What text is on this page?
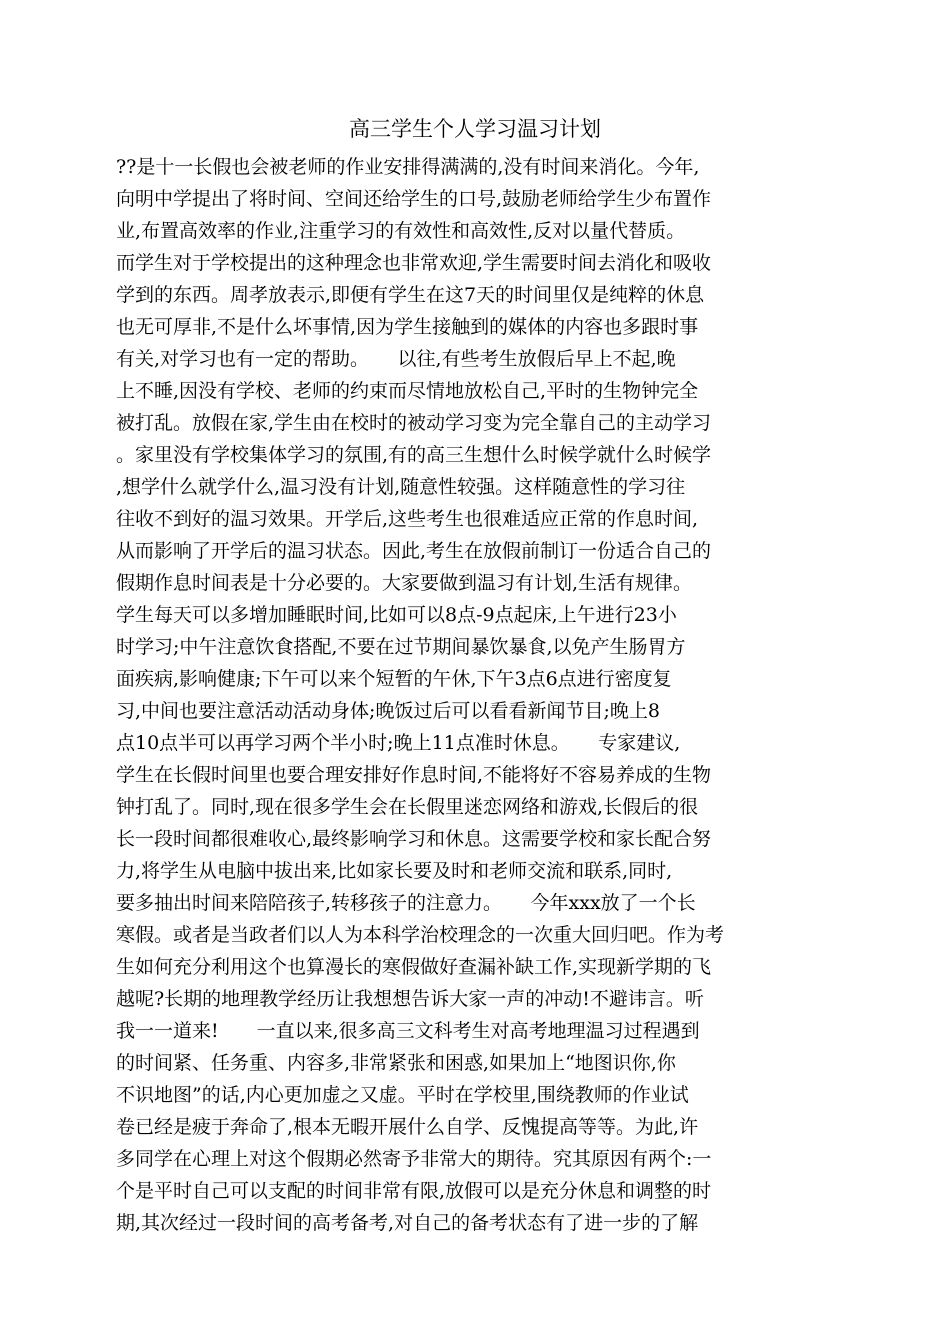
高三学生个人学习温习计划
??是十一长假也会被老师的作业安排得满满的,没有时间来消化。今年,
向明中学提出了将时间、空间还给学生的口号,鼓励老师给学生少布置作
业,布置高效率的作业,注重学习的有效性和高效性,反对以量代替质。
而学生对于学校提出的这种理念也非常欢迎,学生需要时间去消化和吸收
学到的东西。周孝放表示,即便有学生在这7天的时间里仅是纯粹的休息
也无可厚非,不是什么坏事情,因为学生接触到的媒体的内容也多跟时事
有关,对学习也有一定的帮助。　　以往,有些考生放假后早上不起,晚
上不睡,因没有学校、老师的约束而尽情地放松自己,平时的生物钟完全
被打乱。放假在家,学生由在校时的被动学习变为完全靠自己的主动学习
。家里没有学校集体学习的氛围,有的高三生想什么时候学就什么时候学
,想学什么就学什么,温习没有计划,随意性较强。这样随意性的学习往
往收不到好的温习效果。开学后,这些考生也很难适应正常的作息时间,
从而影响了开学后的温习状态。因此,考生在放假前制订一份适合自己的
假期作息时间表是十分必要的。大家要做到温习有计划,生活有规律。
学生每天可以多增加睡眠时间,比如可以8点-9点起床,上午进行23小
时学习;中午注意饮食搭配,不要在过节期间暴饮暴食,以免产生肠胃方
面疾病,影响健康;下午可以来个短暂的午休,下午3点6点进行密度复
习,中间也要注意活动活动身体;晚饭过后可以看看新闻节目;晚上8
点10点半可以再学习两个半小时;晚上11点准时休息。　　专家建议,
学生在长假时间里也要合理安排好作息时间,不能将好不容易养成的生物
钟打乱了。同时,现在很多学生会在长假里迷恋网络和游戏,长假后的很
长一段时间都很难收心,最终影响学习和休息。这需要学校和家长配合努
力,将学生从电脑中拔出来,比如家长要及时和老师交流和联系,同时,
要多抽出时间来陪陪孩子,转移孩子的注意力。　　今年xxx放了一个长
寒假。或者是当政者们以人为本科学治校理念的一次重大回归吧。作为考
生如何充分利用这个也算漫长的寒假做好查漏补缺工作,实现新学期的飞
越呢?长期的地理教学经历让我想想告诉大家一声的冲动!不避讳言。听
我一一道来!　　一直以来,很多高三文科考生对高考地理温习过程遇到
的时间紧、任务重、内容多,非常紧张和困惑,如果加上“地图识你,你
不识地图”的话,内心更加虚之又虚。平时在学校里,围绕教师的作业试
卷已经是疲于奔命了,根本无暇开展什么自学、反愧提高等等。为此,许
多同学在心理上对这个假期必然寄予非常大的期待。究其原因有两个:一
个是平时自己可以支配的时间非常有限,放假可以是充分休息和调整的时
期,其次经过一段时间的高考备考,对自己的备考状态有了进一步的了解
